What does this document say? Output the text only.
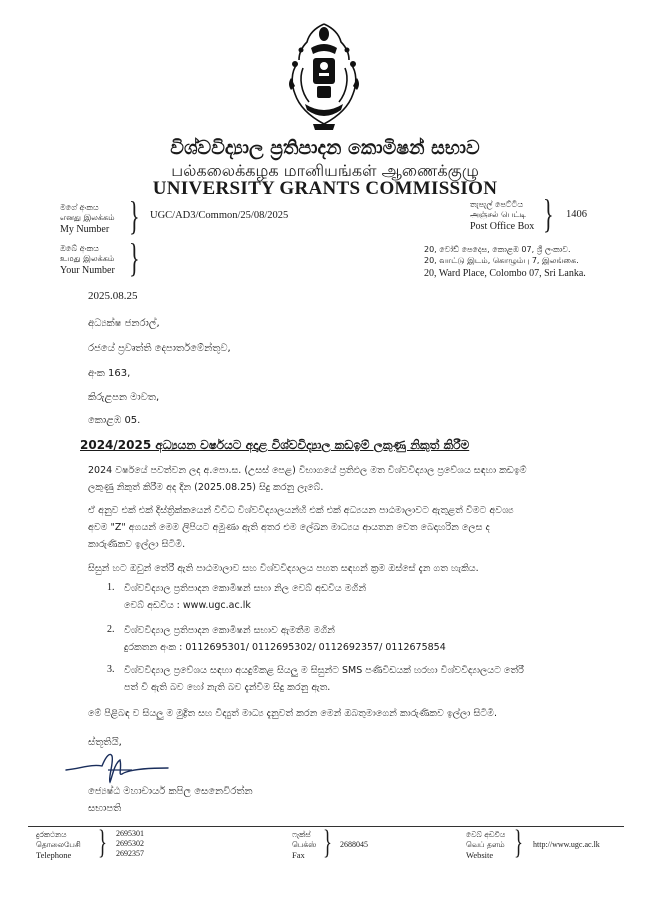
විශ්වවිද්‍යාල ප්‍රතිපාදන කොමිෂන් සභාව
பல்கலைக்கழக மானியங்கள் ஆணைக்குழு
UNIVERSITY GRANTS COMMISSION
මගේ අංකය
எனது இலக்கம்
My Number } UGC/AD3/Common/25/08/2025
තැපැල් පෙට්ටිය
அஞ்சல் பெட்டி
Post Office Box } 1406
ඔබේ අංකය
உமது இலக்கம்
Your Number }	20, වෝඩ් පෙදෙස, කොළඹ 07, ශ්‍රී ලංකාව.
20, வாட்டு இடம், கொழும்பு 7, இலங்கை.
20, Ward Place, Colombo 07, Sri Lanka.
2025.08.25
අධ්‍යක්ෂ ජනරාල්,
රජයේ ප්‍රවෘත්ති දෙපාර්තමේන්තුව,
අංක 163,
කිරුළපන මාවත,
2024/2025 අධ්‍යයන වර්ෂයට අදාළ විශ්වවිද්‍යාල කඩඉම් ලකුණු නිකුත් කිරීම
කොළඹ 05.
2024 වර්ෂයේ පවත්වන ලද අ.පො.ස. (උසස් පෙළ) විභාගයේ ප්‍රතිඵල මත විශ්වවිද්‍යාල ප්‍රවේශය සඳහා කඩඉම්
ලකුණු නිකුත් කිරීම අද දින (2025.08.25) සිදු කරනු ලැබේ.
ඒ අනුව එක් එක් දිස්ත්‍රික්කයෙන් විවිධ විශ්වවිද්‍යාලයන්හි එක් එක් අධ්‍යයන පාඨමාලාවට ඇතුළත් වීමට අවශ්‍ය
අවම "Z" අගයන් මෙම ලිපියට අමුණා ඇති අතර එම ලේඛන මාධ්‍යය ආයතන වෙත බෙදාහරින ලෙස ද
කාරුණිකව ඉල්ලා සිටිමි.
සිසුන් හට ඔවුන් තේරී ඇති පාඨමාලාව සහ විශ්වවිද්‍යාලය පහත සඳහන් ක්‍රම ඔස්සේ දැන ගත හැකිය.
1. විශ්වවිද්‍යාල ප්‍රතිපාදන කොමිෂන් සභා නිල වෙබ් අඩවිය මගින්
වෙබ් අඩවිය : www.ugc.ac.lk
2. විශ්වවිද්‍යාල ප්‍රතිපාදන කොමිෂන් සභාව ඇමතීම මගින්
දුරකතන අංක : 0112695301/ 0112695302/ 0112692357/ 0112675854
3. විශ්වවිද්‍යාල ප්‍රවේශය සඳහා අයදුම්කළ සියලු ම සිසුන්ට SMS පණිවිඩයක් හරහා විශ්වවිද්‍යාලයට තේරී
පත් වී ඇති බව හෝ නැති බව දැන්වීම සිදු කරනු ඇත.
මේ පිළිබඳ ව සියලු ම මුද්‍රිත සහ විද්‍යුත් මාධ්‍ය දැනුවත් කරන මෙන් ඔබතුමාගෙන් කාරුණිකව ඉල්ලා සිටිමි.
ස්තූතියි,
ජ්‍යෙෂ්ඨ මහාචාර්ය කපිල සෙනෙවිරත්න
සභාපති
දුරකථනය
தொலைபேசி
Telephone } 2695301
2695302
2692357
ෆැක්ස්
பெக்ஸ்
Fax } 2688045
වෙබ් අඩවිය
வெப் தளம்
Website } http://www.ugc.ac.lk
